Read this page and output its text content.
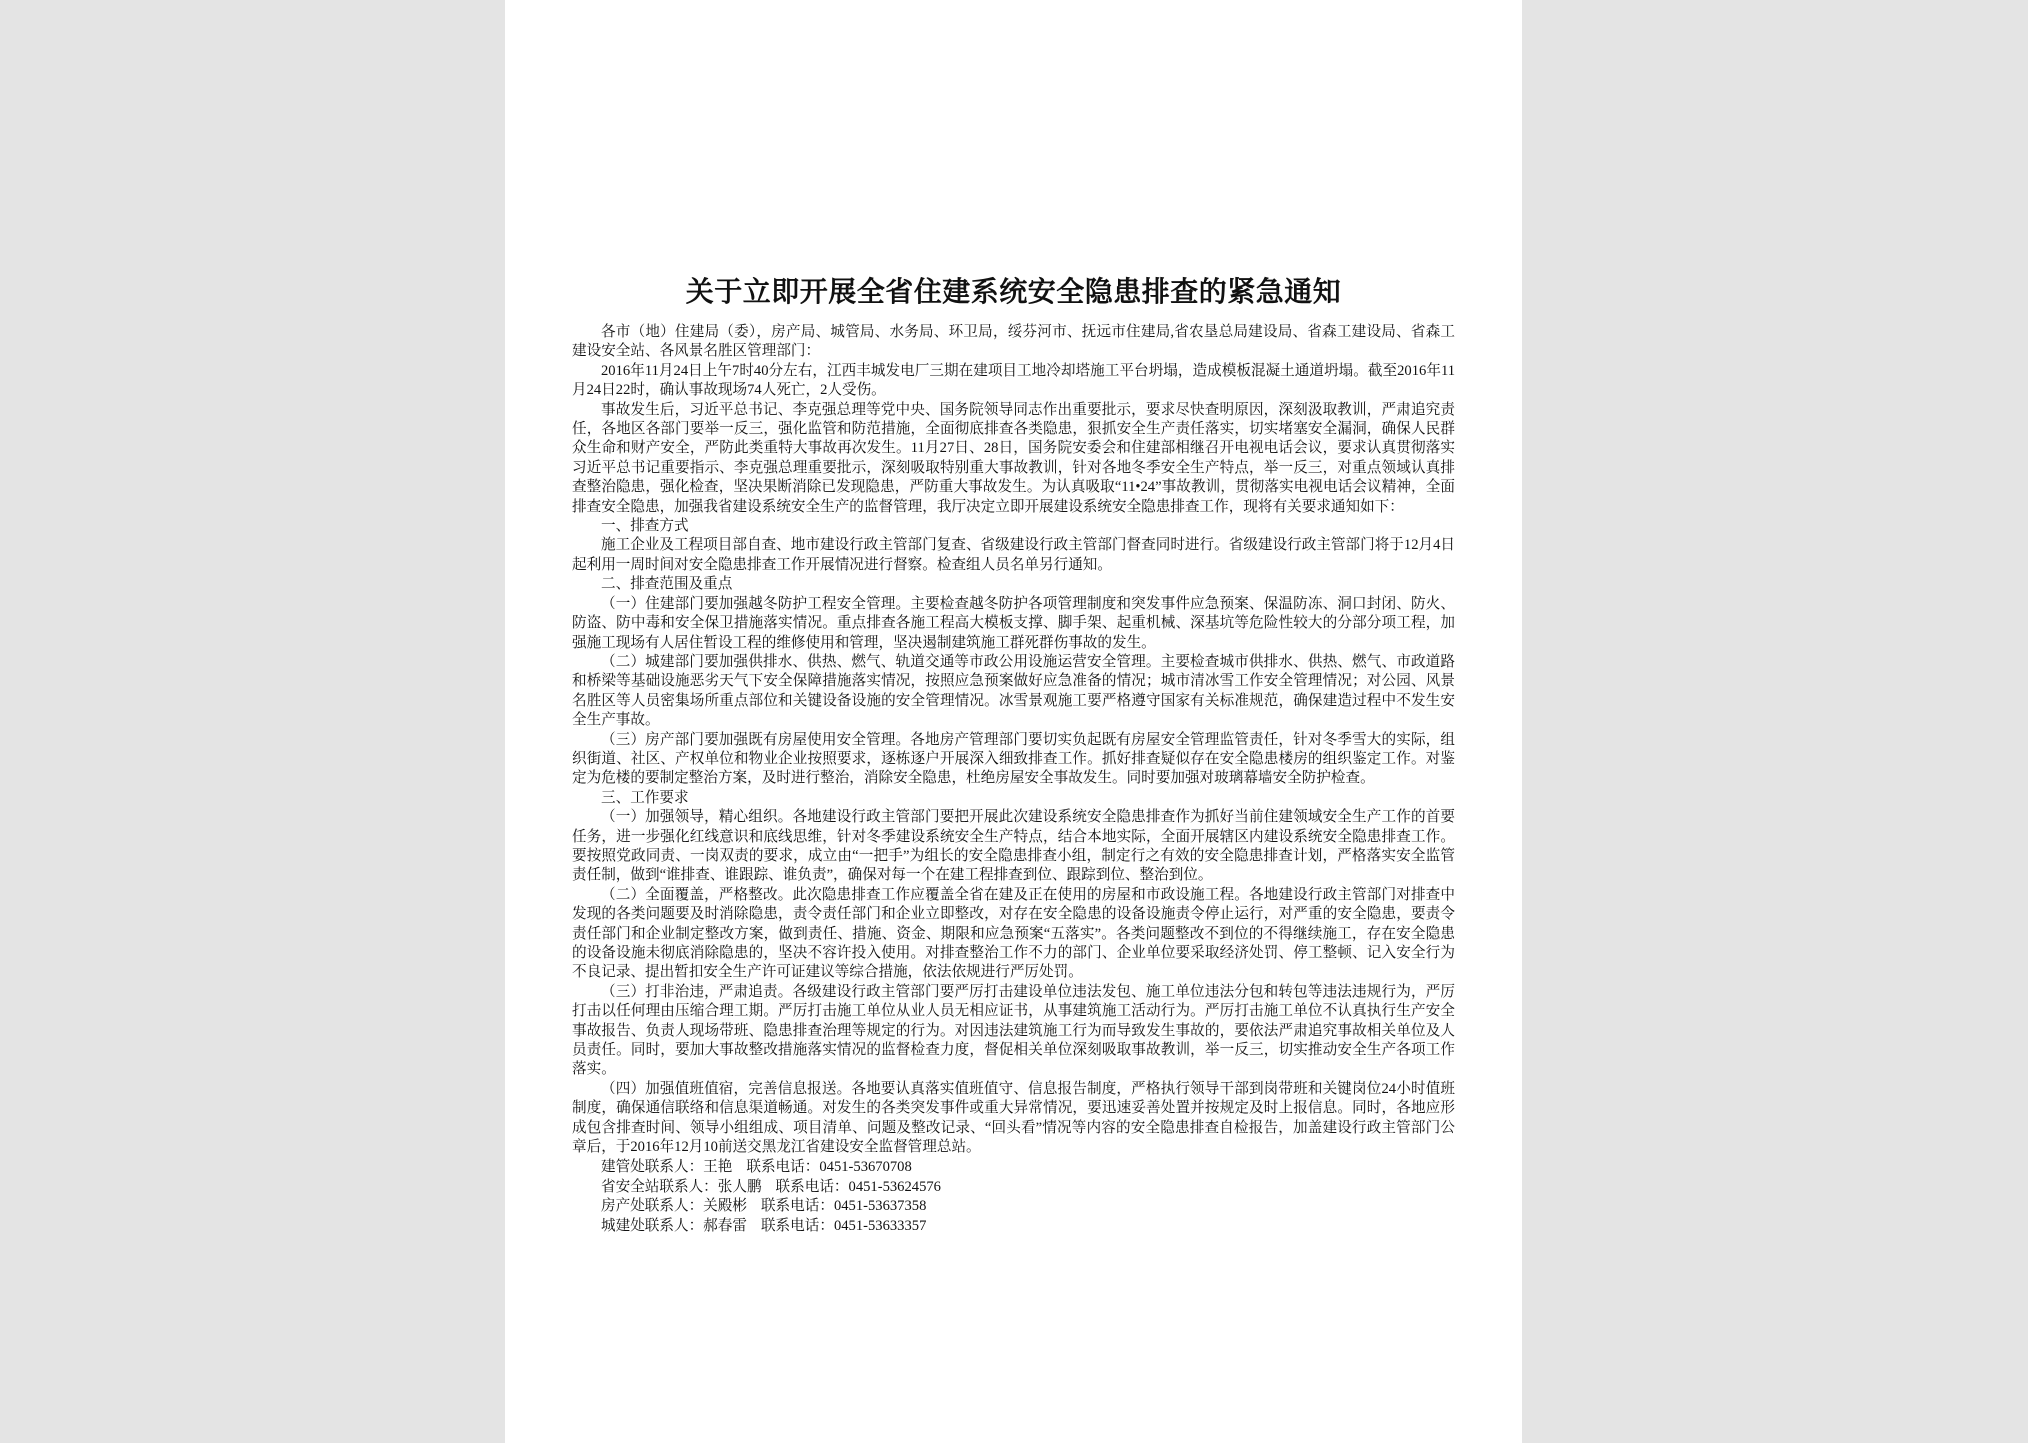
关于立即开展全省住建系统安全隐患排查的紧急通知

各市（地）住建局（委），房产局、城管局、水务局、环卫局，绥芬河市、抚远市住建局,省农垦总局建设局、省森工建设局、省森工建设安全站、各风景名胜区管理部门：

2016年11月24日上午7时40分左右，江西丰城发电厂三期在建项目工地冷却塔施工平台坍塌，造成模板混凝土通道坍塌。截至2016年11月24日22时，确认事故现场74人死亡，2人受伤。

事故发生后，习近平总书记、李克强总理等党中央、国务院领导同志作出重要批示，要求尽快查明原因，深刻汲取教训，严肃追究责任，各地区各部门要举一反三，强化监管和防范措施，全面彻底排查各类隐患，狠抓安全生产责任落实，切实堵塞安全漏洞，确保人民群众生命和财产安全，严防此类重特大事故再次发生。11月27日、28日，国务院安委会和住建部相继召开电视电话会议，要求认真贯彻落实习近平总书记重要指示、李克强总理重要批示，深刻吸取特别重大事故教训，针对各地冬季安全生产特点，举一反三，对重点领域认真排查整治隐患，强化检查，坚决果断消除已发现隐患，严防重大事故发生。为认真吸取“11•24”事故教训，贯彻落实电视电话会议精神，全面排查安全隐患，加强我省建设系统安全生产的监督管理，我厅决定立即开展建设系统安全隐患排查工作，现将有关要求通知如下：

一、排查方式

施工企业及工程项目部自查、地市建设行政主管部门复查、省级建设行政主管部门督查同时进行。省级建设行政主管部门将于12月4日起利用一周时间对安全隐患排查工作开展情况进行督察。检查组人员名单另行通知。

二、排查范围及重点

（一）住建部门要加强越冬防护工程安全管理。主要检查越冬防护各项管理制度和突发事件应急预案、保温防冻、洞口封闭、防火、防盗、防中毒和安全保卫措施落实情况。重点排查各施工程高大模板支撑、脚手架、起重机械、深基坑等危险性较大的分部分项工程，加强施工现场有人居住暂设工程的维修使用和管理，坚决遏制建筑施工群死群伤事故的发生。

（二）城建部门要加强供排水、供热、燃气、轨道交通等市政公用设施运营安全管理。主要检查城市供排水、供热、燃气、市政道路和桥梁等基础设施恶劣天气下安全保障措施落实情况，按照应急预案做好应急准备的情况；城市清冰雪工作安全管理情况；对公园、风景名胜区等人员密集场所重点部位和关键设备设施的安全管理情况。冰雪景观施工要严格遵守国家有关标准规范，确保建造过程中不发生安全生产事故。

（三）房产部门要加强既有房屋使用安全管理。各地房产管理部门要切实负起既有房屋安全管理监管责任，针对冬季雪大的实际，组织街道、社区、产权单位和物业企业按照要求，逐栋逐户开展深入细致排查工作。抓好排查疑似存在安全隐患楼房的组织鉴定工作。对鉴定为危楼的要制定整治方案，及时进行整治，消除安全隐患，杜绝房屋安全事故发生。同时要加强对玻璃幕墙安全防护检查。

三、工作要求

（一）加强领导，精心组织。各地建设行政主管部门要把开展此次建设系统安全隐患排查作为抓好当前住建领域安全生产工作的首要任务，进一步强化红线意识和底线思维，针对冬季建设系统安全生产特点，结合本地实际，全面开展辖区内建设系统安全隐患排查工作。要按照党政同责、一岗双责的要求，成立由“一把手”为组长的安全隐患排查小组，制定行之有效的安全隐患排查计划，严格落实安全监管责任制，做到“谁排查、谁跟踪、谁负责”，确保对每一个在建工程排查到位、跟踪到位、整治到位。

（二）全面覆盖，严格整改。此次隐患排查工作应覆盖全省在建及正在使用的房屋和市政设施工程。各地建设行政主管部门对排查中发现的各类问题要及时消除隐患，责令责任部门和企业立即整改，对存在安全隐患的设备设施责令停止运行，对严重的安全隐患，要责令责任部门和企业制定整改方案，做到责任、措施、资金、期限和应急预案“五落实”。各类问题整改不到位的不得继续施工，存在安全隐患的设备设施未彻底消除隐患的，坚决不容许投入使用。对排查整治工作不力的部门、企业单位要采取经济处罚、停工整顿、记入安全行为不良记录、提出暂扣安全生产许可证建议等综合措施，依法依规进行严厉处罚。

（三）打非治违，严肃追责。各级建设行政主管部门要严厉打击建设单位违法发包、施工单位违法分包和转包等违法违规行为，严厉打击以任何理由压缩合理工期。严厉打击施工单位从业人员无相应证书，从事建筑施工活动行为。严厉打击施工单位不认真执行生产安全事故报告、负责人现场带班、隐患排查治理等规定的行为。对因违法建筑施工行为而导致发生事故的，要依法严肃追究事故相关单位及人员责任。同时，要加大事故整改措施落实情况的监督检查力度，督促相关单位深刻吸取事故教训，举一反三，切实推动安全生产各项工作落实。

（四）加强值班值宿，完善信息报送。各地要认真落实值班值守、信息报告制度，严格执行领导干部到岗带班和关键岗位24小时值班制度，确保通信联络和信息渠道畅通。对发生的各类突发事件或重大异常情况，要迅速妥善处置并按规定及时上报信息。同时，各地应形成包含排查时间、领导小组组成、项目清单、问题及整改记录、“回头看”情况等内容的安全隐患排查自检报告，加盖建设行政主管部门公章后，于2016年12月10前送交黑龙江省建设安全监督管理总站。

建管处联系人：王艳 联系电话：0451-53670708
省安全站联系人：张人鹏 联系电话：0451-53624576
房产处联系人：关殿彬 联系电话：0451-53637358
城建处联系人：郝春雷 联系电话：0451-53633357
